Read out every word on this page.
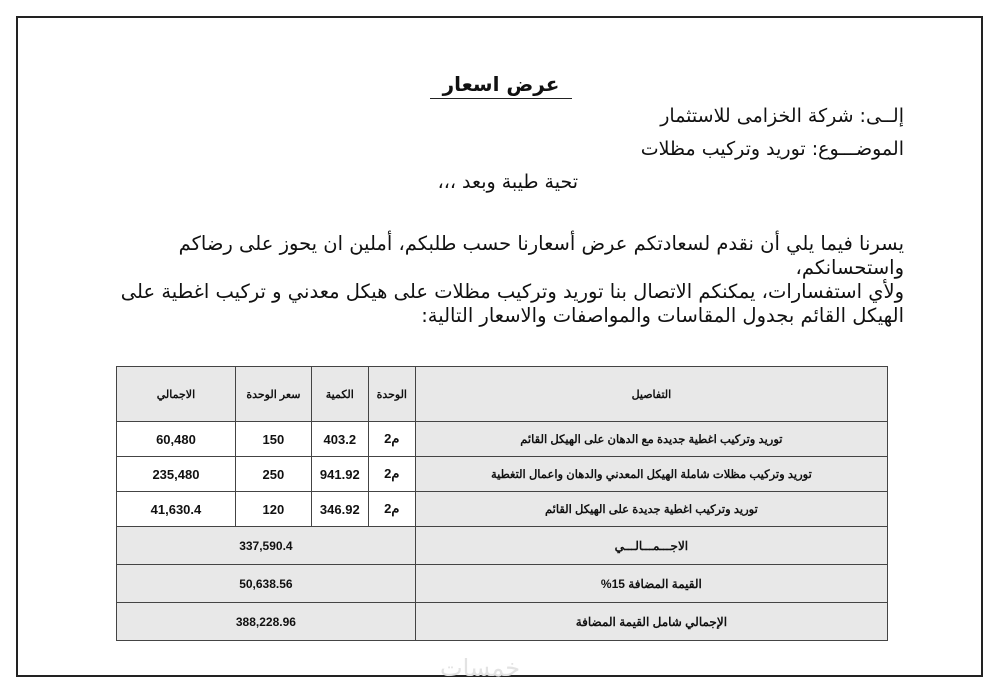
عرض اسعار
إلــى: شركة الخزامى للاستثمار
الموضـــوع: توريد وتركيب مظلات
تحية طيبة وبعد ،،،

يسرنا فيما يلي أن نقدم لسعادتكم عرض أسعارنا حسب طلبكم، أملين ان يحوز على رضاكم واستحسانكم،

ولأي استفسارات، يمكنكم الاتصال بنا توريد وتركيب مظلات على هيكل معدني و تركيب اغطية على الهيكل القائم بجدول المقاسات والمواصفات والاسعار التالية:

التفاصيل	الوحدة	الكمية	سعر الوحدة	الاجمالي
توريد وتركيب اغطية جديدة مع الدهان على الهيكل القائم	م2	403.2	150	60,480
توريد وتركيب مظلات شاملة الهيكل المعدني والدهان واعمال التغطية	م2	941.92	250	235,480
توريد وتركيب اغطية جديدة على الهيكل القائم	م2	346.92	120	41,630.4
الاجـــمـــالـــي	337,590.4			
القيمة المضافة 15%	50,638.56			
الإجمالي شامل القيمة المضافة	388,228.96			
خمسات
